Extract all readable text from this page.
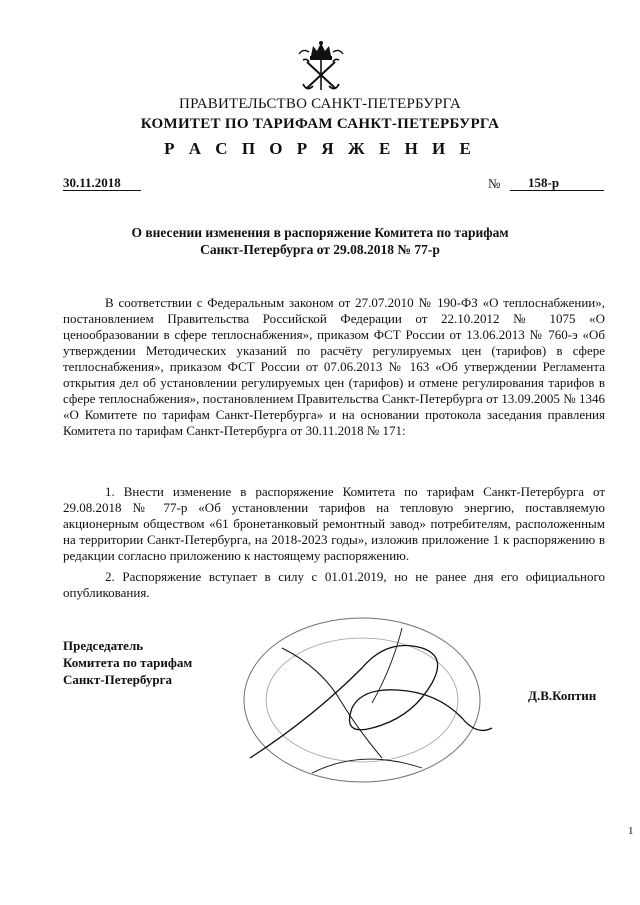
ПРАВИТЕЛЬСТВО САНКТ-ПЕТЕРБУРГА
КОМИТЕТ ПО ТАРИФАМ САНКТ-ПЕТЕРБУРГА
Р А С П О Р Я Ж Е Н И Е
30.11.2018	№	158-р
О внесении изменения в распоряжение Комитета по тарифам
Санкт-Петербурга от 29.08.2018 № 77-р
В соответствии с Федеральным законом от 27.07.2010 № 190-ФЗ «О теплоснабжении», постановлением Правительства Российской Федерации от 22.10.2012 № 1075 «О ценообразовании в сфере теплоснабжения», приказом ФСТ России от 13.06.2013 № 760-э «Об утверждении Методических указаний по расчёту регулируемых цен (тарифов) в сфере теплоснабжения», приказом ФСТ России от 07.06.2013 № 163 «Об утверждении Регламента открытия дел об установлении регулируемых цен (тарифов) и отмене регулирования тарифов в сфере теплоснабжения», постановлением Правительства Санкт-Петербурга от 13.09.2005 № 1346 «О Комитете по тарифам Санкт-Петербурга» и на основании протокола заседания правления Комитета по тарифам Санкт-Петербурга от 30.11.2018 № 171:
1. Внести изменение в распоряжение Комитета по тарифам Санкт-Петербурга от 29.08.2018 № 77-р «Об установлении тарифов на тепловую энергию, поставляемую акционерным обществом «61 бронетанковый ремонтный завод» потребителям, расположенным на территории Санкт-Петербурга, на 2018-2023 годы», изложив приложение 1 к распоряжению в редакции согласно приложению к настоящему распоряжению.
2. Распоряжение вступает в силу с 01.01.2019, но не ранее дня его официального опубликования.
Председатель
Комитета по тарифам
Санкт-Петербурга
Д.В.Коптин
1
